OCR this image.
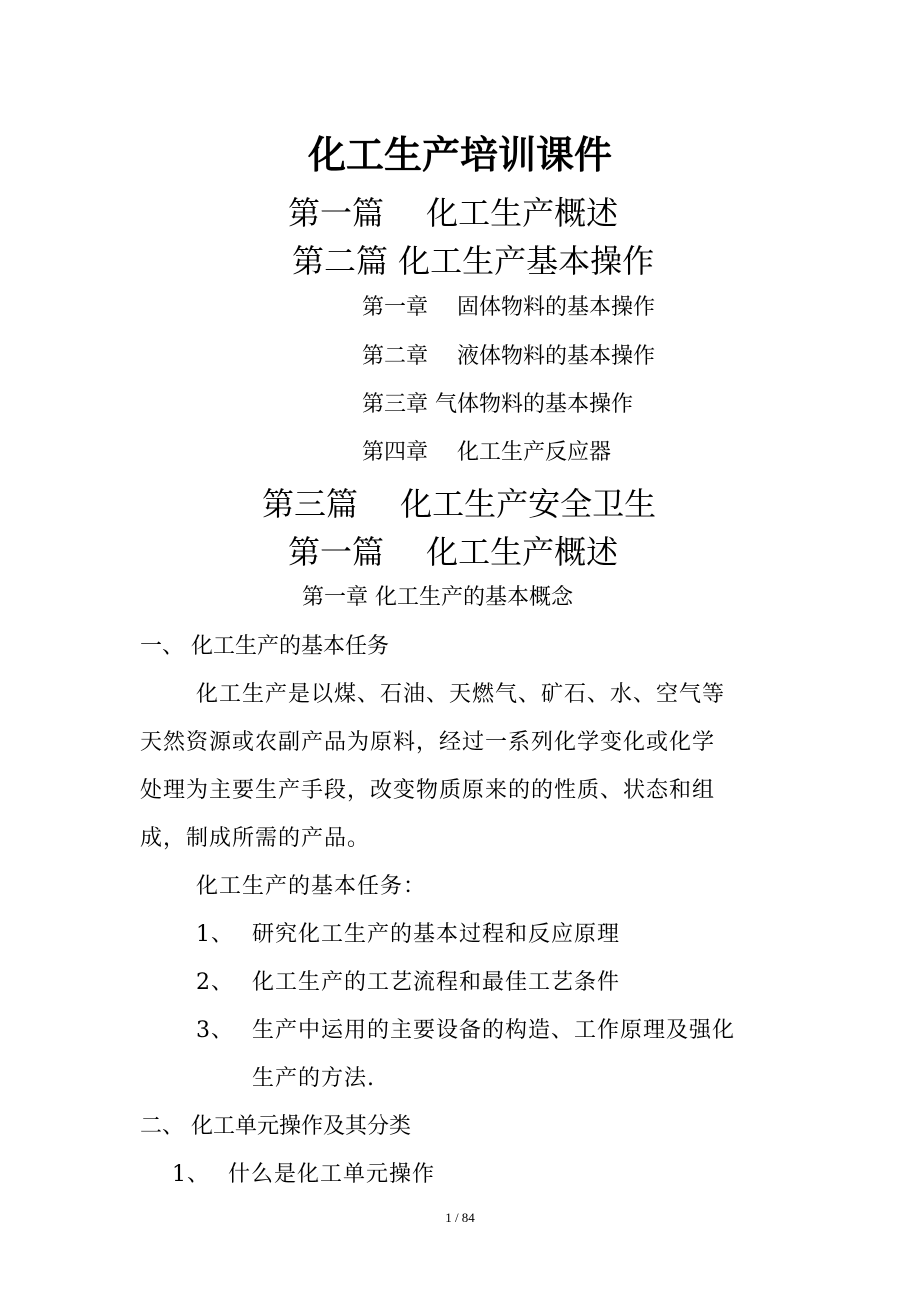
化工生产培训课件
第一篇　 化工生产概述
第二篇 化工生产基本操作
第一章　 固体物料的基本操作
第二章　 液体物料的基本操作
第三章 气体物料的基本操作
第四章　 化工生产反应器
第三篇　 化工生产安全卫生
第一篇　 化工生产概述
第一章 化工生产的基本概念
一、 化工生产的基本任务
化工生产是以煤、石油、天燃气、矿石、水、空气等
天然资源或农副产品为原料，经过一系列化学变化或化学
处理为主要生产手段，改变物质原来的的性质、状态和组
成，制成所需的产品。
化工生产的基本任务：
1、 研究化工生产的基本过程和反应原理
2、 化工生产的工艺流程和最佳工艺条件
3、 生产中运用的主要设备的构造、工作原理及强化
生产的方法.
二、 化工单元操作及其分类
1、 什么是化工单元操作
1 / 84
